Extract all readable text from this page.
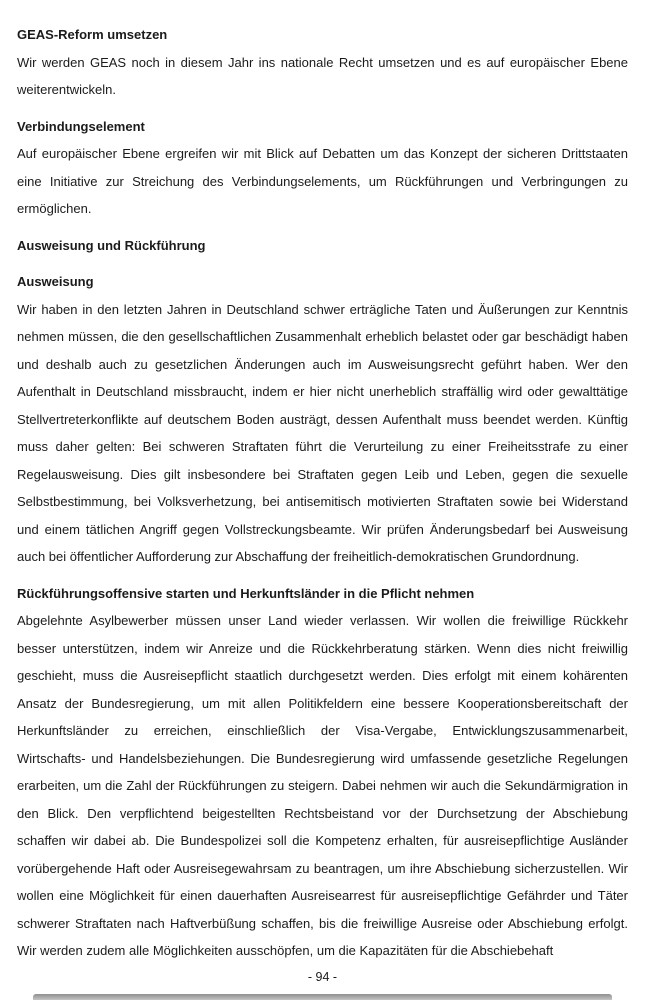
GEAS-Reform umsetzen

Wir werden GEAS noch in diesem Jahr ins nationale Recht umsetzen und es auf europäischer Ebene weiterentwickeln.

Verbindungselement

Auf europäischer Ebene ergreifen wir mit Blick auf Debatten um das Konzept der sicheren Drittstaaten eine Initiative zur Streichung des Verbindungselements, um Rückführungen und Verbringungen zu ermöglichen.

Ausweisung und Rückführung
Ausweisung

Wir haben in den letzten Jahren in Deutschland schwer erträgliche Taten und Äußerungen zur Kenntnis nehmen müssen, die den gesellschaftlichen Zusammenhalt erheblich belastet oder gar beschädigt haben und deshalb auch zu gesetzlichen Änderungen auch im Ausweisungsrecht geführt haben. Wer den Aufenthalt in Deutschland missbraucht, indem er hier nicht unerheblich straffällig wird oder gewalttätige Stellvertreterkonflikte auf deutschem Boden austrägt, dessen Aufenthalt muss beendet werden. Künftig muss daher gelten: Bei schweren Straftaten führt die Verurteilung zu einer Freiheitsstrafe zu einer Regelausweisung. Dies gilt insbesondere bei Straftaten gegen Leib und Leben, gegen die sexuelle Selbstbestimmung, bei Volksverhetzung, bei antisemitisch motivierten Straftaten sowie bei Widerstand und einem tätlichen Angriff gegen Vollstreckungsbeamte. Wir prüfen Änderungsbedarf bei Ausweisung auch bei öffentlicher Aufforderung zur Abschaffung der freiheitlich-demokratischen Grundordnung.

Rückführungsoffensive starten und Herkunftsländer in die Pflicht nehmen

Abgelehnte Asylbewerber müssen unser Land wieder verlassen. Wir wollen die freiwillige Rückkehr besser unterstützen, indem wir Anreize und die Rückkehrberatung stärken. Wenn dies nicht freiwillig geschieht, muss die Ausreisepflicht staatlich durchgesetzt werden. Dies erfolgt mit einem kohärenten Ansatz der Bundesregierung, um mit allen Politikfeldern eine bessere Kooperationsbereitschaft der Herkunftsländer zu erreichen, einschließlich der Visa-Vergabe, Entwicklungszusammenarbeit, Wirtschafts- und Handelsbeziehungen. Die Bundesregierung wird umfassende gesetzliche Regelungen erarbeiten, um die Zahl der Rückführungen zu steigern. Dabei nehmen wir auch die Sekundärmigration in den Blick. Den verpflichtend beigestellten Rechtsbeistand vor der Durchsetzung der Abschiebung schaffen wir dabei ab. Die Bundespolizei soll die Kompetenz erhalten, für ausreisepflichtige Ausländer vorübergehende Haft oder Ausreisegewahrsam zu beantragen, um ihre Abschiebung sicherzustellen. Wir wollen eine Möglichkeit für einen dauerhaften Ausreisearrest für ausreisepflichtige Gefährder und Täter schwerer Straftaten nach Haftverbüßung schaffen, bis die freiwillige Ausreise oder Abschiebung erfolgt. Wir werden zudem alle Möglichkeiten ausschöpfen, um die Kapazitäten für die Abschiebehaft

- 94 -
